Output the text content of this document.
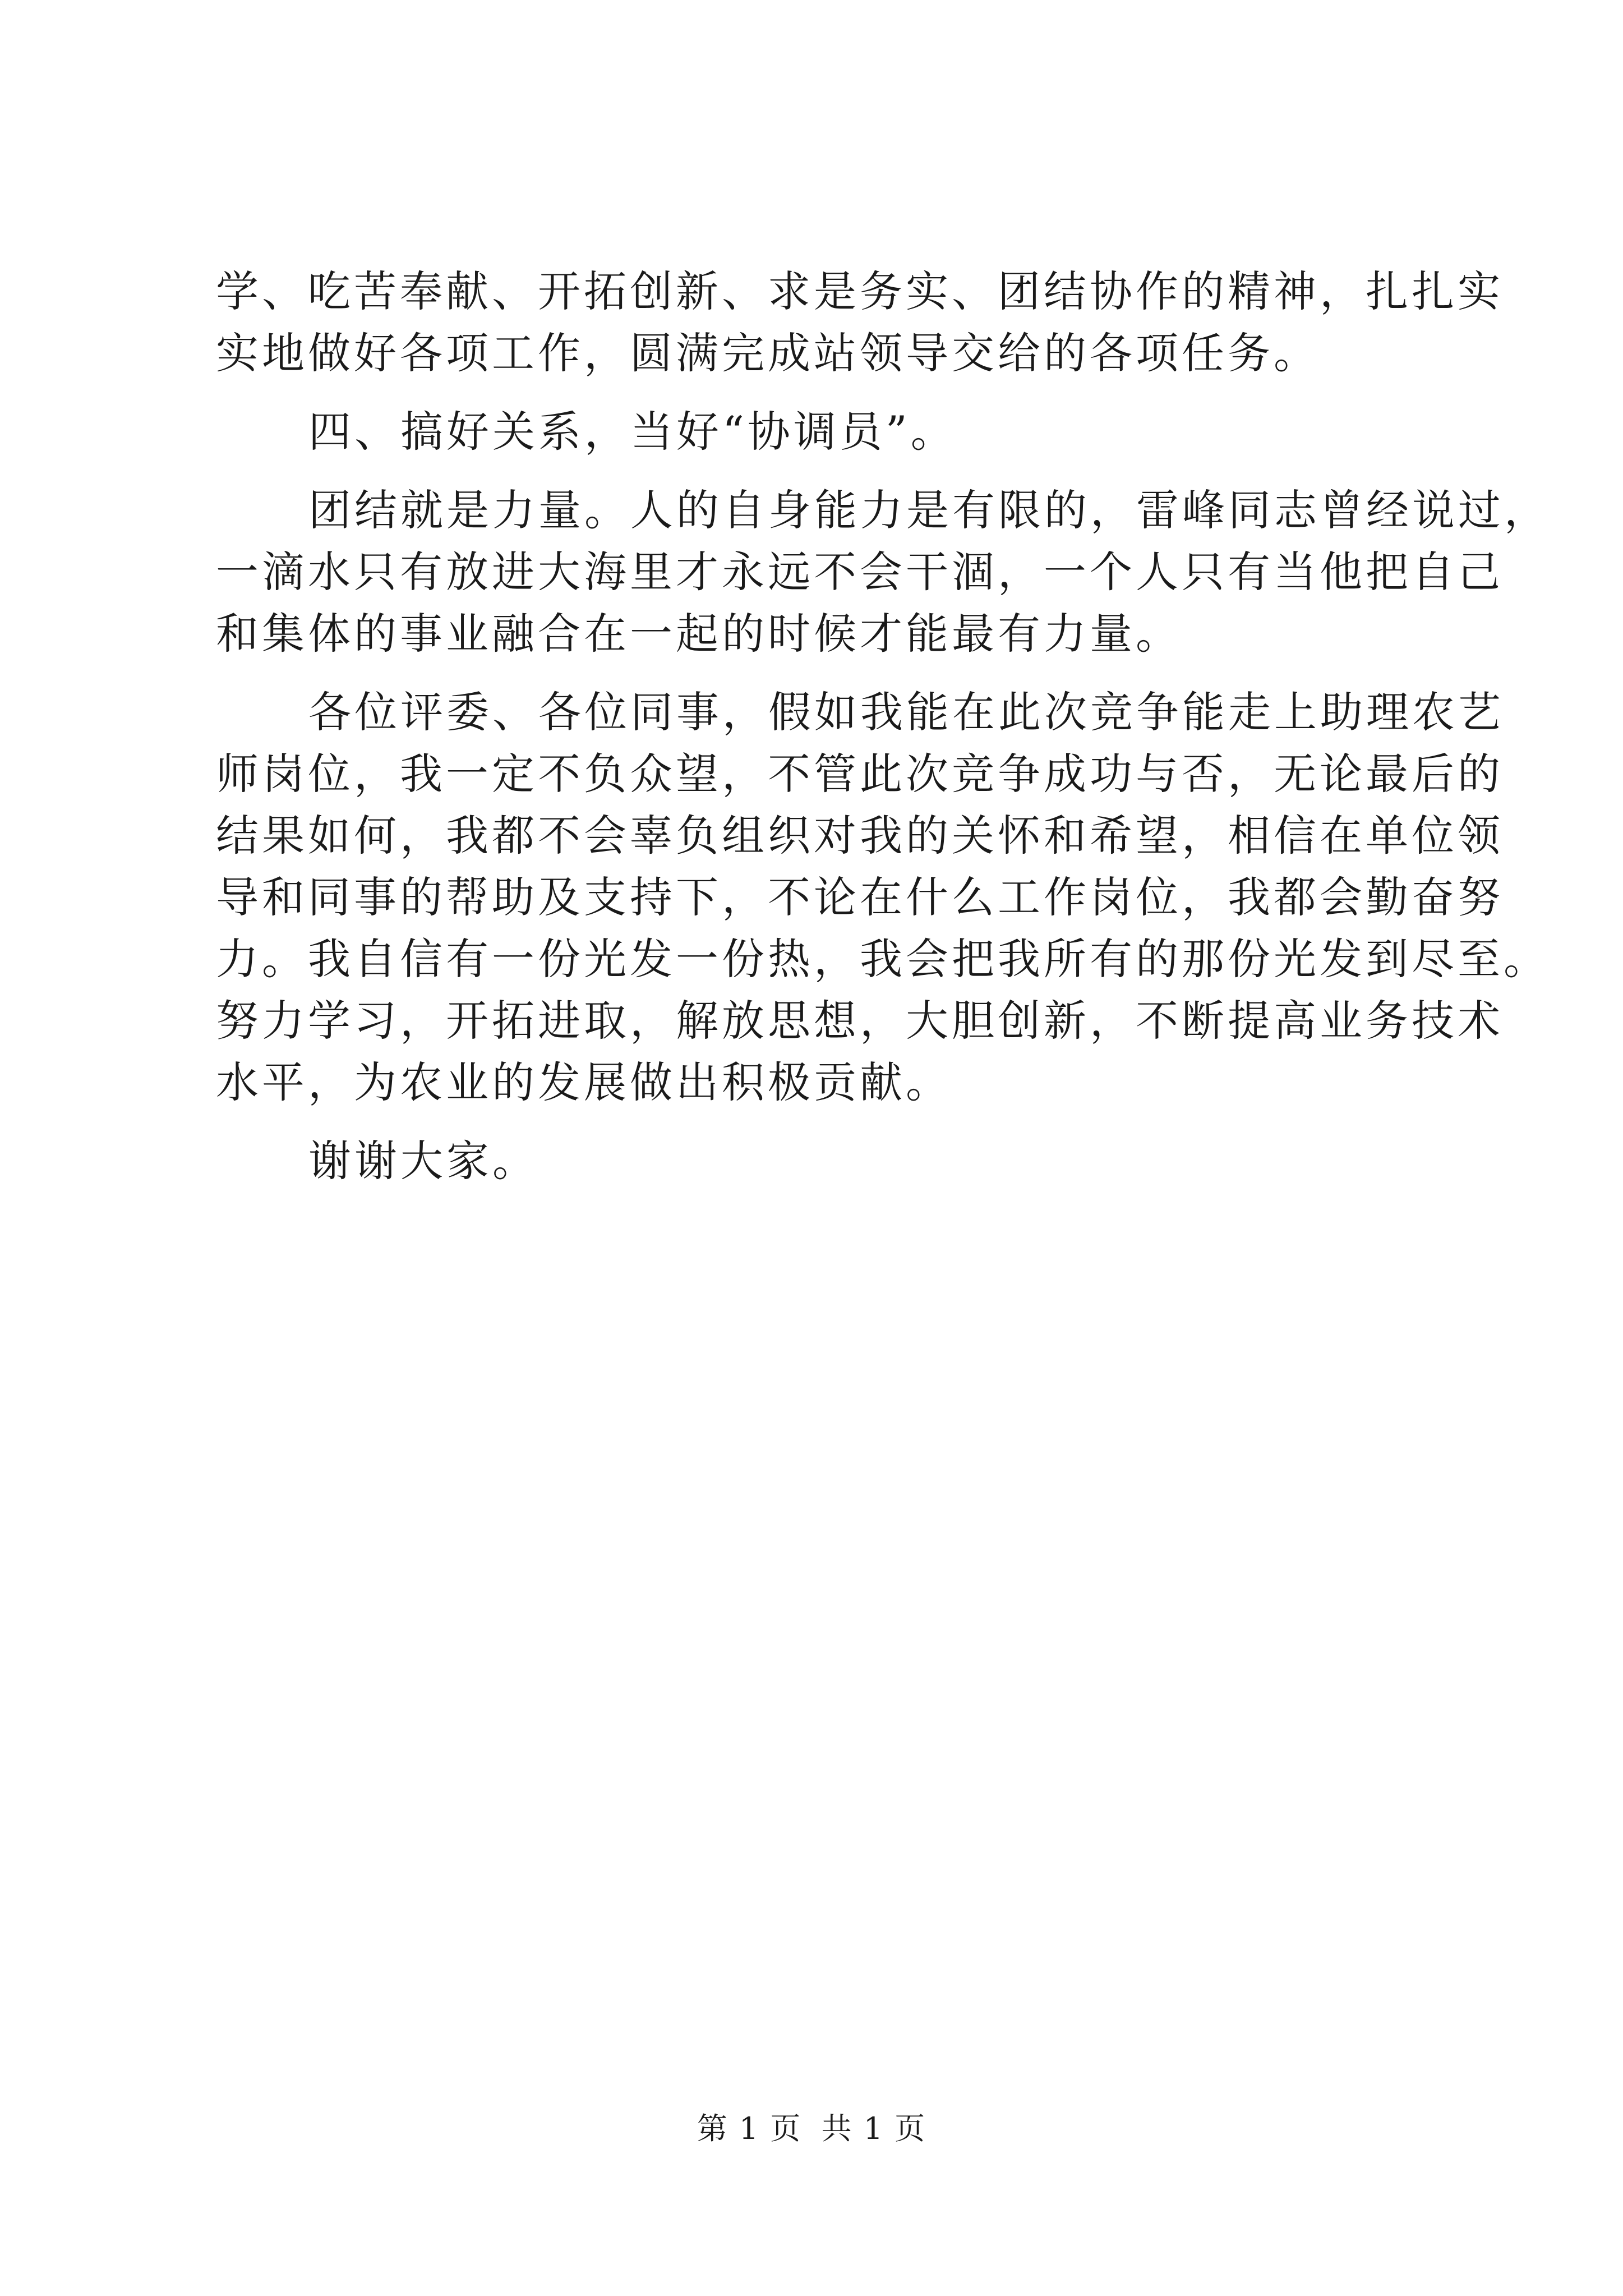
学、吃苦奉献、开拓创新、求是务实、团结协作的精神，扎扎实
实地做好各项工作，圆满完成站领导交给的各项任务。
四、搞好关系，当好“协调员”。
团结就是力量。人的自身能力是有限的，雷峰同志曾经说过，
一滴水只有放进大海里才永远不会干涸，一个人只有当他把自己
和集体的事业融合在一起的时候才能最有力量。
各位评委、各位同事，假如我能在此次竞争能走上助理农艺
师岗位，我一定不负众望，不管此次竞争成功与否，无论最后的
结果如何，我都不会辜负组织对我的关怀和希望，相信在单位领
导和同事的帮助及支持下，不论在什么工作岗位，我都会勤奋努
力。我自信有一份光发一份热，我会把我所有的那份光发到尽至。
努力学习，开拓进取，解放思想，大胆创新，不断提高业务技术
水平，为农业的发展做出积极贡献。
谢谢大家。
第 1 页 共 1 页
